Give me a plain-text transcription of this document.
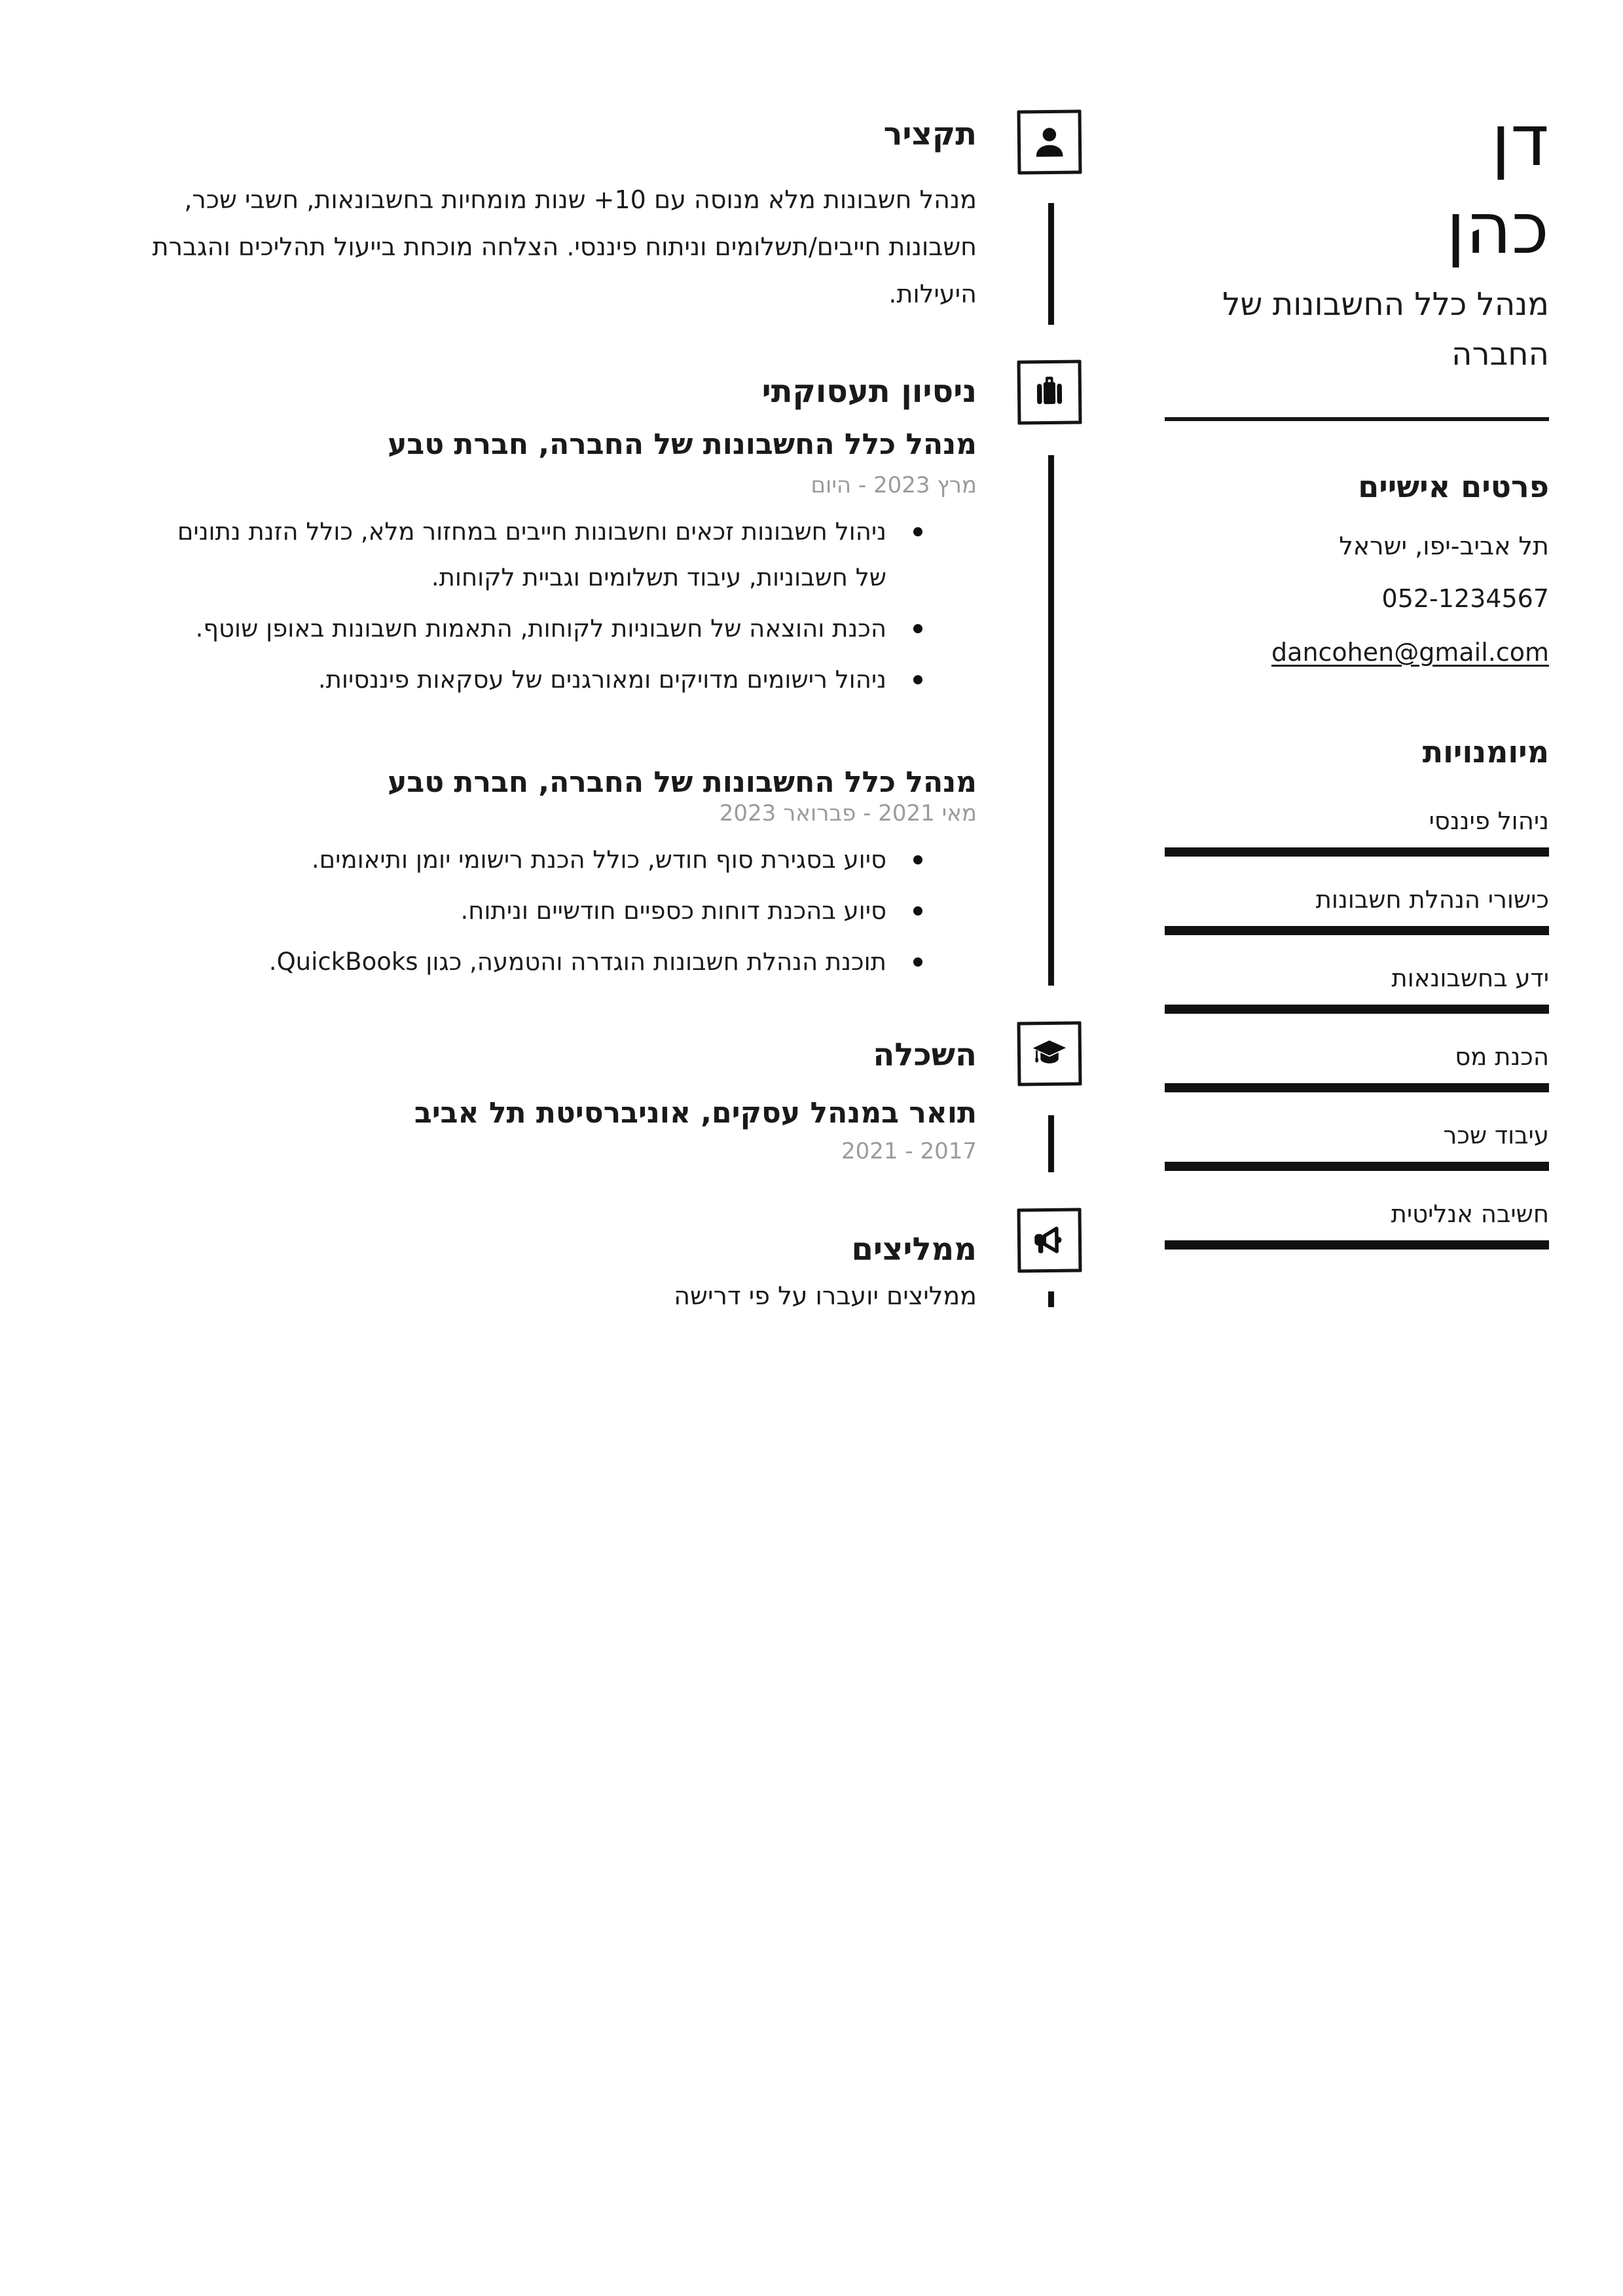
תקציר

מנהל חשבונות מלא מנוסה עם 10+ שנות מומחיות בחשבונאות, חשבי שכר, חשבונות חייבים/תשלומים וניתוח פיננסי. הצלחה מוכחת בייעול תהליכים והגברת היעילות.

ניסיון תעסוקתי
מנהל כלל החשבונות של החברה, חברת טבע
מרץ 2023 - היום
ניהול חשבונות זכאים וחשבונות חייבים במחזור מלא, כולל הזנת נתונים של חשבוניות, עיבוד תשלומים וגביית לקוחות.
הכנת והוצאה של חשבוניות לקוחות, התאמות חשבונות באופן שוטף.
ניהול רישומים מדויקים ומאורגנים של עסקאות פיננסיות.
מנהל כלל החשבונות של החברה, חברת טבע
מאי 2021 - פברואר 2023
סיוע בסגירת סוף חודש, כולל הכנת רישומי יומן ותיאומים.
סיוע בהכנת דוחות כספיים חודשיים וניתוח.
תוכנת הנהלת חשבונות הוגדרה והטמעה, כגון QuickBooks.
השכלה
תואר במנהל עסקים, אוניברסיטת תל אביב
2017 - 2021
ממליצים
ממליצים יועברו על פי דרישה
דן
כהן
מנהל כלל החשבונות של החברה
פרטים אישיים
תל אביב-יפו, ישראל
052-1234567
dancohen@gmail.com
מיומנויות
ניהול פיננסי
כישורי הנהלת חשבונות
ידע בחשבונאות
הכנת מס
עיבוד שכר
חשיבה אנליטית
